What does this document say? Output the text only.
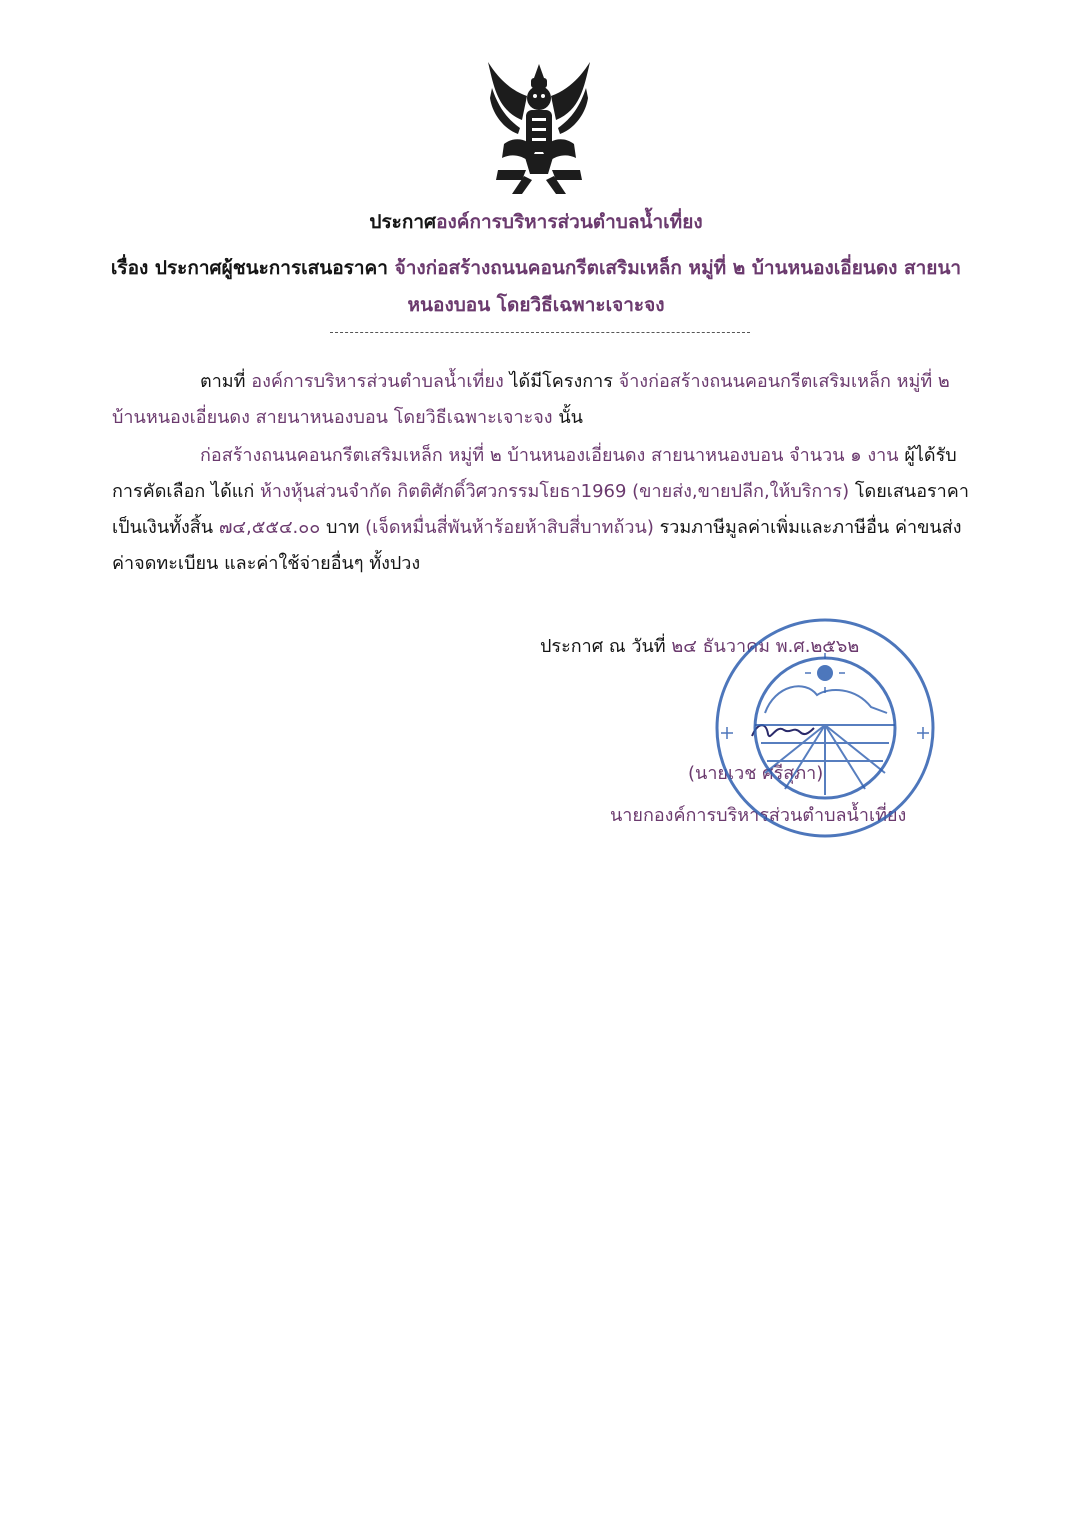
ประกาศองค์การบริหารส่วนตำบลน้ำเที่ยง
เรื่อง ประกาศผู้ชนะการเสนอราคา จ้างก่อสร้างถนนคอนกรีตเสริมเหล็ก หมู่ที่ ๒ บ้านหนองเอี่ยนดง สายนา
หนองบอน โดยวิธีเฉพาะเจาะจง
ตามที่ องค์การบริหารส่วนตำบลน้ำเที่ยง ได้มีโครงการ จ้างก่อสร้างถนนคอนกรีตเสริมเหล็ก หมู่ที่ ๒ บ้านหนองเอี่ยนดง สายนาหนองบอน โดยวิธีเฉพาะเจาะจง นั้น
ก่อสร้างถนนคอนกรีตเสริมเหล็ก หมู่ที่ ๒ บ้านหนองเอี่ยนดง สายนาหนองบอน จำนวน ๑ งาน ผู้ได้รับการคัดเลือก ได้แก่ ห้างหุ้นส่วนจำกัด กิตติศักดิ์วิศวกรรมโยธา1969 (ขายส่ง,ขายปลีก,ให้บริการ) โดยเสนอราคา เป็นเงินทั้งสิ้น ๗๔,๕๕๔.๐๐ บาท (เจ็ดหมื่นสี่พันห้าร้อยห้าสิบสี่บาทถ้วน) รวมภาษีมูลค่าเพิ่มและภาษีอื่น ค่าขนส่ง ค่าจดทะเบียน และค่าใช้จ่ายอื่นๆ ทั้งปวง
ประกาศ ณ วันที่ ๒๔ ธันวาคม พ.ศ.๒๕๖๒
(นายเวช ศรีสุภา)
นายกองค์การบริหารส่วนตำบลน้ำเที่ยง
